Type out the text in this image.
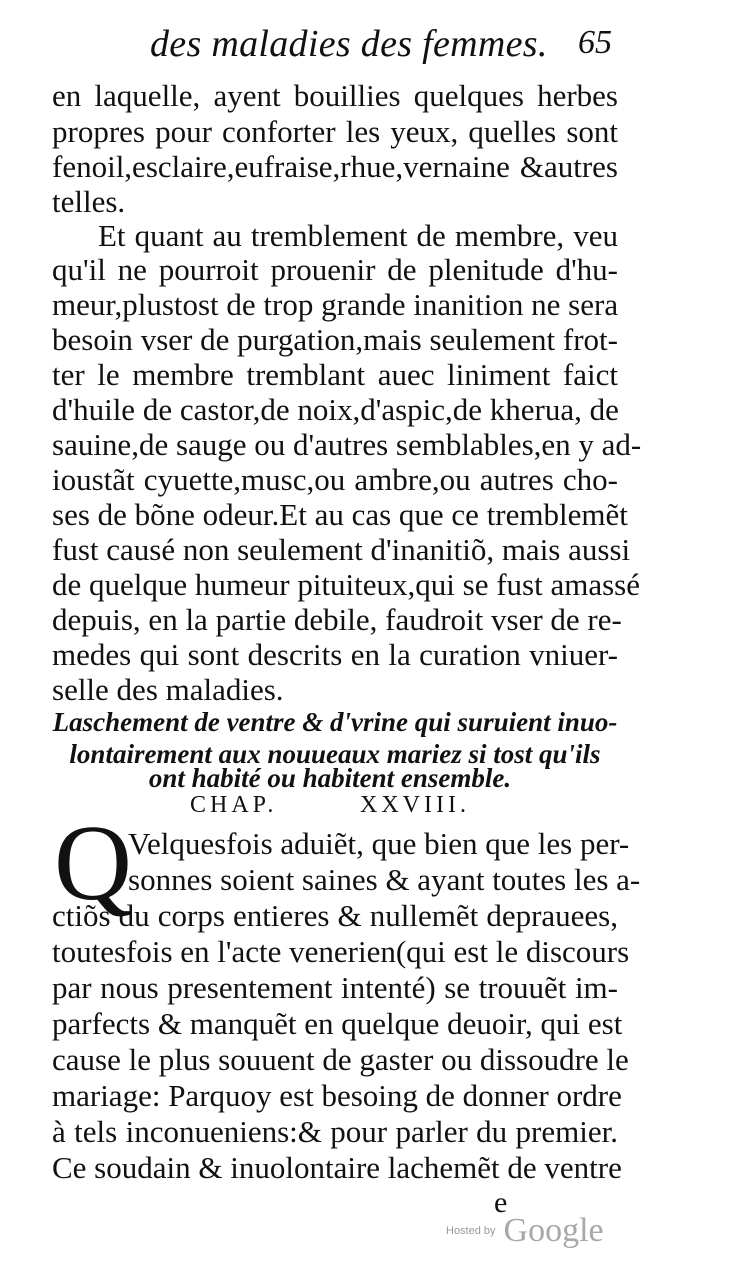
des maladies des femmes. 65
en laquelle, ayent bouillies quelques herbes
propres pour conforter les yeux, quelles sont
fenoil,esclaire,eufraise,rhue,vernaine &autres
telles.
Et quant au tremblement de membre, veu
qu'il ne pourroit prouenir de plenitude d'hu-
meur,plustost de trop grande inanition ne sera
besoin vser de purgation,mais seulement frot-
ter le membre tremblant auec liniment faict
d'huile de castor,de noix,d'aspic,de kherua, de
sauine,de sauge ou d'autres semblables,en y ad-
ioustãt cyuette,musc,ou ambre,ou autres cho-
ses de bõne odeur.Et au cas que ce tremblemẽt
fust causé non seulement d'inanitiõ, mais aussi
de quelque humeur pituiteux,qui se fust amassé
depuis, en la partie debile, faudroit vser de re-
medes qui sont descrits en la curation vniuer-
selle des maladies.
Laschement de ventre & d'vrine qui suruient inuo-
lontairement aux nouueaux mariez si tost qu'ils
ont habité ou habitent ensemble.
CHAP.	XXVIII.
Q
Velquesfois aduiẽt, que bien que les per-
sonnes soient saines & ayant toutes les a-
ctiõs du corps entieres & nullemẽt deprauees,
toutesfois en l'acte venerien(qui est le discours
par nous presentement intenté) se trouuẽt im-
parfects & manquẽt en quelque deuoir, qui est
cause le plus souuent de gaster ou dissoudre le
mariage: Parquoy est besoing de donner ordre
à tels inconueniens:& pour parler du premier.
Ce soudain & inuolontaire lachemẽt de ventre
e
Hosted by Google
